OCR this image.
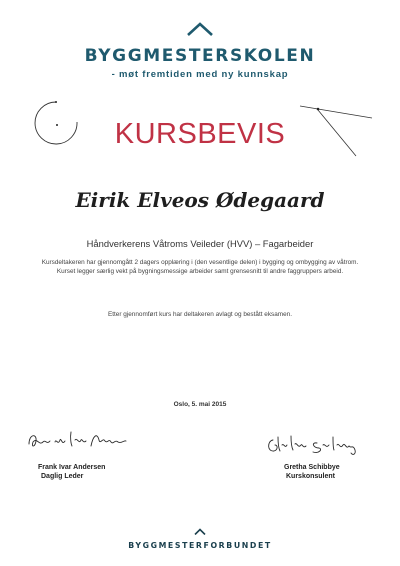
BYGGMESTERSKOLEN
- møt fremtiden med ny kunnskap
KURSBEVIS
Eirik Elveos Ødegaard
Håndverkerens Våtroms Veileder (HVV) – Fagarbeider
Kursdeltakeren har gjennomgått 2 dagers opplæring i (den vesentlige delen) i bygging og ombygging av våtrom. Kurset legger særlig vekt på bygningsmessige arbeider samt grensesnitt til andre faggruppers arbeid.
Etter gjennomført kurs har deltakeren avlagt og bestått eksamen.
Oslo, 5. mai 2015
Frank Ivar Andersen
Daglig Leder
Gretha Schibbye
Kurskonsulent
BYGGMESTERFORBUNDET
